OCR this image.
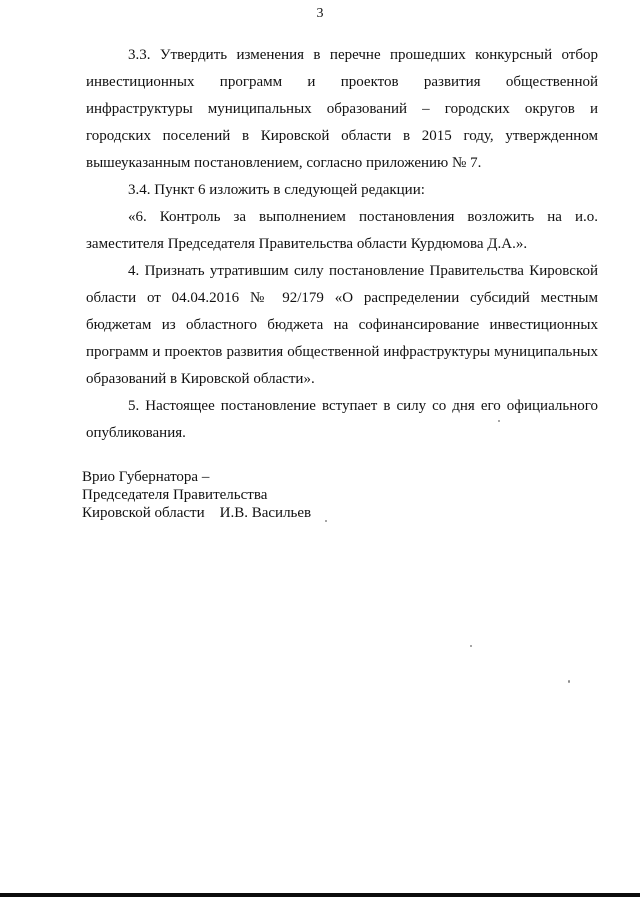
3

3.3. Утвердить изменения в перечне прошедших конкурсный отбор инвестиционных программ и проектов развития общественной инфраструктуры муниципальных образований – городских округов и городских поселений в Кировской области в 2015 году, утвержденном вышеуказанным постановлением, согласно приложению № 7.

3.4. Пункт 6 изложить в следующей редакции:

«6. Контроль за выполнением постановления возложить на и.о. заместителя Председателя Правительства области Курдюмова Д.А.».

4. Признать утратившим силу постановление Правительства Кировской области от 04.04.2016 № 92/179 «О распределении субсидий местным бюджетам из областного бюджета на софинансирование инвестиционных программ и проектов развития общественной инфраструктуры муниципальных образований в Кировской области».

5. Настоящее постановление вступает в силу со дня его официального опубликования.

Врио Губернатора –
Председателя Правительства
Кировской области    И.В. Васильев
